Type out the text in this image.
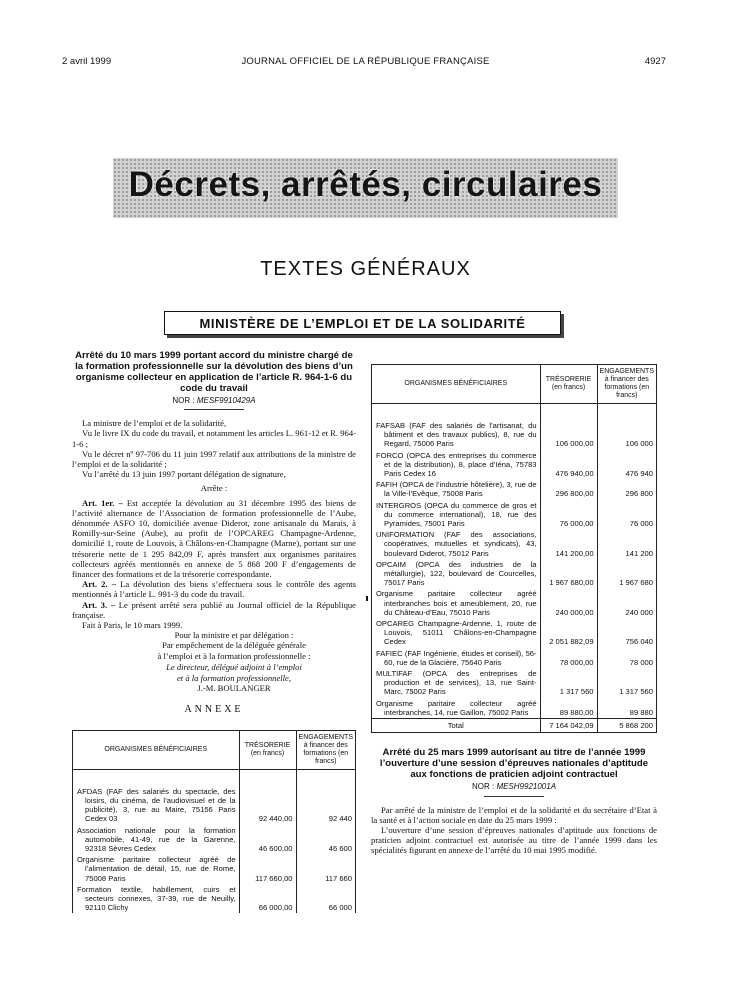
2 avril 1999	JOURNAL OFFICIEL DE LA RÉPUBLIQUE FRANÇAISE	4927
Décrets, arrêtés, circulaires
TEXTES GÉNÉRAUX
MINISTÈRE DE L’EMPLOI ET DE LA SOLIDARITÉ
Arrêté du 10 mars 1999 portant accord du ministre chargé de la formation professionnelle sur la dévolution des biens d’un organisme collecteur en application de l’article R. 964-1-6 du code du travail
NOR : MESF9910429A

La ministre de l’emploi et de la solidarité,

Vu le livre IX du code du travail, et notamment les articles L. 961-12 et R. 964-1-6 ;

Vu le décret nº 97-706 du 11 juin 1997 relatif aux attributions de la ministre de l’emploi et de la solidarité ;

Vu l’arrêté du 13 juin 1997 portant délégation de signature,

Arrête :

Art. 1er. – Est acceptée la dévolution au 31 décembre 1995 des biens de l’activité alternance de l’Association de formation professionnelle de l’Aube, dénommée ASFO 10, domiciliée avenue Diderot, zone artisanale du Marais, à Romilly-sur-Seine (Aube), au profit de l’OPCAREG Champagne-Ardenne, domicilié 1, route de Louvois, à Châlons-en-Champagne (Marne), portant sur une trésorerie nette de 1 295 842,09 F, après transfert aux organismes paritaires collecteurs agréés mentionnés en annexe de 5 868 200 F d’engagements de financer des formations et de la trésorerie correspondante.

Art. 2. – La dévolution des biens s’effectuera sous le contrôle des agents mentionnés à l’article L. 991-3 du code du travail.

Art. 3. – Le présent arrêté sera publié au Journal officiel de la République française.

Fait à Paris, le 10 mars 1999.

Pour la ministre et par délégation :

Par empêchement de la déléguée générale

à l’emploi et à la formation professionnelle :

Le directeur, délégué adjoint à l’emploi

et à la formation professionnelle,

J.-M. BOULANGER

ANNEXE
ORGANISMES BÉNÉFICIAIRES	TRÉSORERIE (en francs)	ENGAGEMENTS à financer des formations (en francs)

AFDAS (FAF des salariés du spectacle, des loisirs, du cinéma, de l’audiovisuel et de la publicité), 3, rue au Maire, 75156 Paris Cedex 03	92 440,00	92 440

Association nationale pour la formation automobile, 41-49, rue de la Garenne, 92318 Sèvres Cedex	46 600,00	46 600

Organisme paritaire collecteur agréé de l’alimentation de détail, 15, rue de Rome, 75008 Paris	117 660,00	117 660

Formation textile, habillement, cuirs et secteurs connexes, 37-39, rue de Neuilly, 92110 Clichy	66 000,00	66 000
ORGANISMES BÉNÉFICIAIRES	TRÉSORERIE (en francs)	ENGAGEMENTS à financer des formations (en francs)

FAFSAB (FAF des salariés de l’artisanat, du bâtiment et des travaux publics), 8, rue du Regard, 75006 Paris	106 000,00	106 000

FORCO (OPCA des entreprises du commerce et de la distribution), 8, place d’Iéna, 75783 Paris Cedex 16	476 940,00	476 940

FAFIH (OPCA de l’industrie hôtelière), 3, rue de la Ville-l’Evêque, 75008 Paris	296 800,00	296 800

INTERGROS (OPCA du commerce de gros et du commerce international), 18, rue des Pyramides, 75001 Paris	76 000,00	76 000

UNIFORMATION (FAF des associations, coopératives, mutuelles et syndicats), 43, boulevard Diderot, 75012 Paris	141 200,00	141 200

OPCAIM (OPCA des industries de la métallurgie), 122, boulevard de Courcelles, 75017 Paris	1 967 680,00	1 967 680

Organisme paritaire collecteur agréé interbranches bois et ameublement, 20, rue du Château-d’Eau, 75010 Paris	240 000,00	240 000

OPCAREG Champagne-Ardenne, 1, route de Louvois, 51011 Châlons-en-Champagne Cedex	2 051 882,09	756 040

FAFIEC (FAF Ingénierie, études et conseil), 56-60, rue de la Glacière, 75640 Paris	78 000,00	78 000

MULTIFAF (OPCA des entreprises de production et de services), 13, rue Saint-Marc, 75002 Paris	1 317 560	1 317 560

Organisme paritaire collecteur agréé interbranches, 14, rue Gaillon, 75002 Paris	89 880,00	89 880
Total	7 164 042,09	5 868 200
Arrêté du 25 mars 1999 autorisant au titre de l’année 1999 l’ouverture d’une session d’épreuves nationales d’aptitude aux fonctions de praticien adjoint contractuel
NOR : MESH9921001A

Par arrêté de la ministre de l’emploi et de la solidarité et du secrétaire d’Etat à la santé et à l’action sociale en date du 25 mars 1999 :

L’ouverture d’une session d’épreuves nationales d’aptitude aux fonctions de praticien adjoint contractuel est autorisée au titre de l’année 1999 dans les spécialités figurant en annexe de l’arrêté du 10 mai 1995 modifié.
